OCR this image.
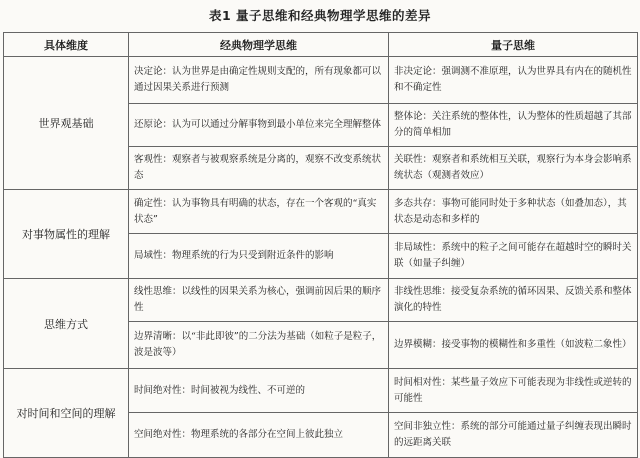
表1 量子思维和经典物理学思维的差异
具体维度	经典物理学思维	量子思维
世界观基础	决定论：认为世界是由确定性规则支配的，所有现象都可以通过因果关系进行预测	非决定论：强调测不准原理，认为世界具有内在的随机性和不确定性
	还原论：认为可以通过分解事物到最小单位来完全理解整体	整体论：关注系统的整体性，认为整体的性质超越了其部分的简单相加
	客观性：观察者与被观察系统是分离的，观察不改变系统状态	关联性：观察者和系统相互关联，观察行为本身会影响系统状态（观测者效应）
对事物属性的理解	确定性：认为事物具有明确的状态，存在一个客观的“真实状态”	多态共存：事物可能同时处于多种状态（如叠加态），其状态是动态和多样的
	局域性：物理系统的行为只受到附近条件的影响	非局域性：系统中的粒子之间可能存在超越时空的瞬时关联（如量子纠缠）
思维方式	线性思维：以线性的因果关系为核心，强调前因后果的顺序性	非线性思维：接受复杂系统的循环因果、反馈关系和整体演化的特性
	边界清晰：以“非此即彼”的二分法为基础（如粒子是粒子，波是波等）	边界模糊：接受事物的模糊性和多重性（如波粒二象性）
对时间和空间的理解	时间绝对性：时间被视为线性、不可逆的	时间相对性：某些量子效应下可能表现为非线性或逆转的可能性
	空间绝对性：物理系统的各部分在空间上彼此独立	空间非独立性：系统的部分可能通过量子纠缠表现出瞬时的远距离关联
